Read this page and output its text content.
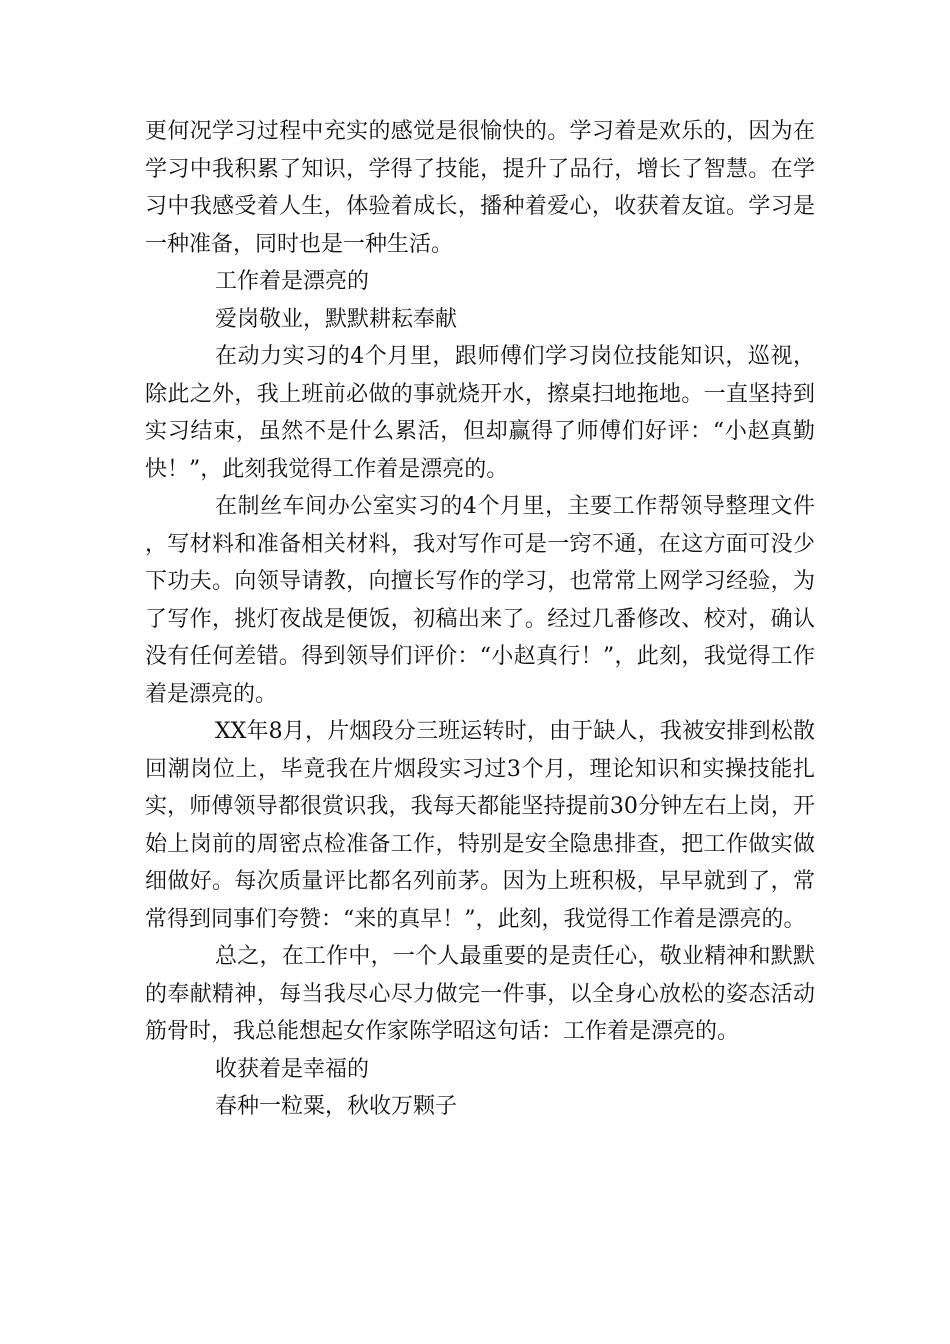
更何况学习过程中充实的感觉是很愉快的。学习着是欢乐的，因为在学习中我积累了知识，学得了技能，提升了品行，增长了智慧。在学习中我感受着人生，体验着成长，播种着爱心，收获着友谊。学习是一种准备，同时也是一种生活。

工作着是漂亮的

爱岗敬业，默默耕耘奉献

在动力实习的4个月里，跟师傅们学习岗位技能知识，巡视，除此之外，我上班前必做的事就烧开水，擦桌扫地拖地。一直坚持到实习结束，虽然不是什么累活，但却赢得了师傅们好评：“小赵真勤快！”，此刻我觉得工作着是漂亮的。

在制丝车间办公室实习的4个月里，主要工作帮领导整理文件，写材料和准备相关材料，我对写作可是一窍不通，在这方面可没少下功夫。向领导请教，向擅长写作的学习，也常常上网学习经验，为了写作，挑灯夜战是便饭，初稿出来了。经过几番修改、校对，确认没有任何差错。得到领导们评价：“小赵真行！”，此刻，我觉得工作着是漂亮的。

XX年8月，片烟段分三班运转时，由于缺人，我被安排到松散回潮岗位上，毕竟我在片烟段实习过3个月，理论知识和实操技能扎实，师傅领导都很赏识我，我每天都能坚持提前30分钟左右上岗，开始上岗前的周密点检准备工作，特别是安全隐患排查，把工作做实做细做好。每次质量评比都名列前茅。因为上班积极，早早就到了，常常得到同事们夸赞：“来的真早！”，此刻，我觉得工作着是漂亮的。

总之，在工作中，一个人最重要的是责任心，敬业精神和默默的奉献精神，每当我尽心尽力做完一件事，以全身心放松的姿态活动筋骨时，我总能想起女作家陈学昭这句话：工作着是漂亮的。

收获着是幸福的

春种一粒粟，秋收万颗子
